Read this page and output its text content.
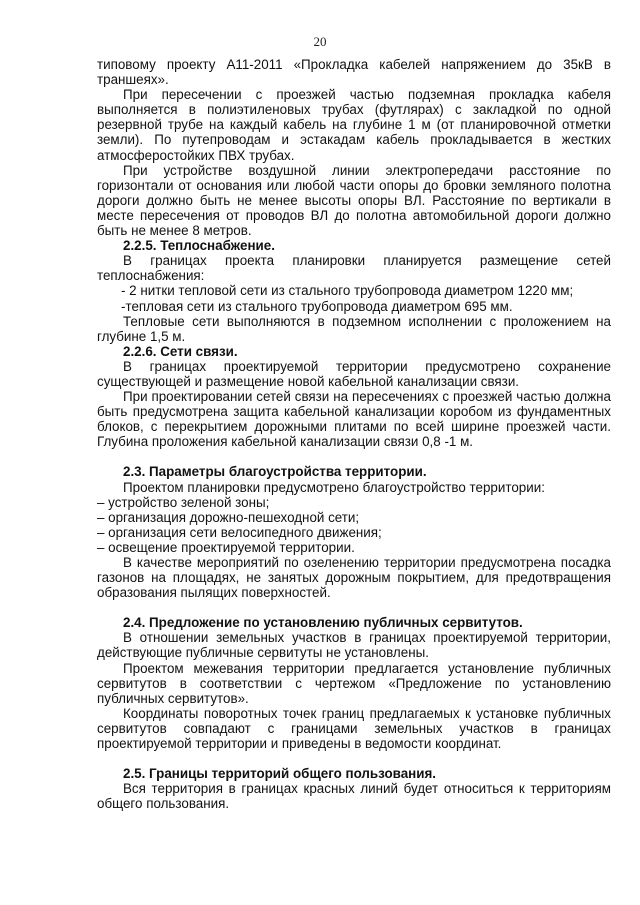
20
типовому проекту А11-2011 «Прокладка кабелей напряжением до 35кВ в траншеях».
При пересечении с проезжей частью подземная прокладка кабеля выполняется в полиэтиленовых трубах (футлярах) с закладкой по одной резервной трубе на каждый кабель на глубине 1 м (от планировочной отметки земли). По путепроводам и эстакадам кабель прокладывается в жестких атмосферостойких ПВХ трубах.
При устройстве воздушной линии электропередачи расстояние по горизонтали от основания или любой части опоры до бровки земляного полотна дороги должно быть не менее высоты опоры ВЛ. Расстояние по вертикали в месте пересечения от проводов ВЛ до полотна автомобильной дороги должно быть не менее 8 метров.
2.2.5. Теплоснабжение.
В границах проекта планировки планируется размещение сетей теплоснабжения:
- 2 нитки тепловой сети из стального трубопровода диаметром 1220 мм;
-тепловая сети из стального трубопровода диаметром 695 мм.
Тепловые сети выполняются в подземном исполнении с проложением на глубине 1,5 м.
2.2.6. Сети связи.
В границах проектируемой территории предусмотрено сохранение существующей и размещение новой кабельной канализации связи.
При проектировании сетей связи на пересечениях с проезжей частью должна быть предусмотрена защита кабельной канализации коробом из фундаментных блоков, с перекрытием дорожными плитами по всей ширине проезжей части. Глубина проложения кабельной канализации связи 0,8 -1 м.
2.3. Параметры благоустройства территории.
Проектом планировки предусмотрено благоустройство территории:
– устройство зеленой зоны;
– организация дорожно-пешеходной сети;
– организация сети велосипедного движения;
– освещение проектируемой территории.
В качестве мероприятий по озеленению территории предусмотрена посадка газонов на площадях, не занятых дорожным покрытием, для предотвращения образования пылящих поверхностей.
2.4. Предложение по установлению публичных сервитутов.
В отношении земельных участков в границах проектируемой территории, действующие публичные сервитуты не установлены.
Проектом межевания территории предлагается установление публичных сервитутов в соответствии с чертежом «Предложение по установлению публичных сервитутов».
Координаты поворотных точек границ предлагаемых к установке публичных сервитутов совпадают с границами земельных участков в границах проектируемой территории и приведены в ведомости координат.
2.5. Границы территорий общего пользования.
Вся территория в границах красных линий будет относиться к территориям общего пользования.
